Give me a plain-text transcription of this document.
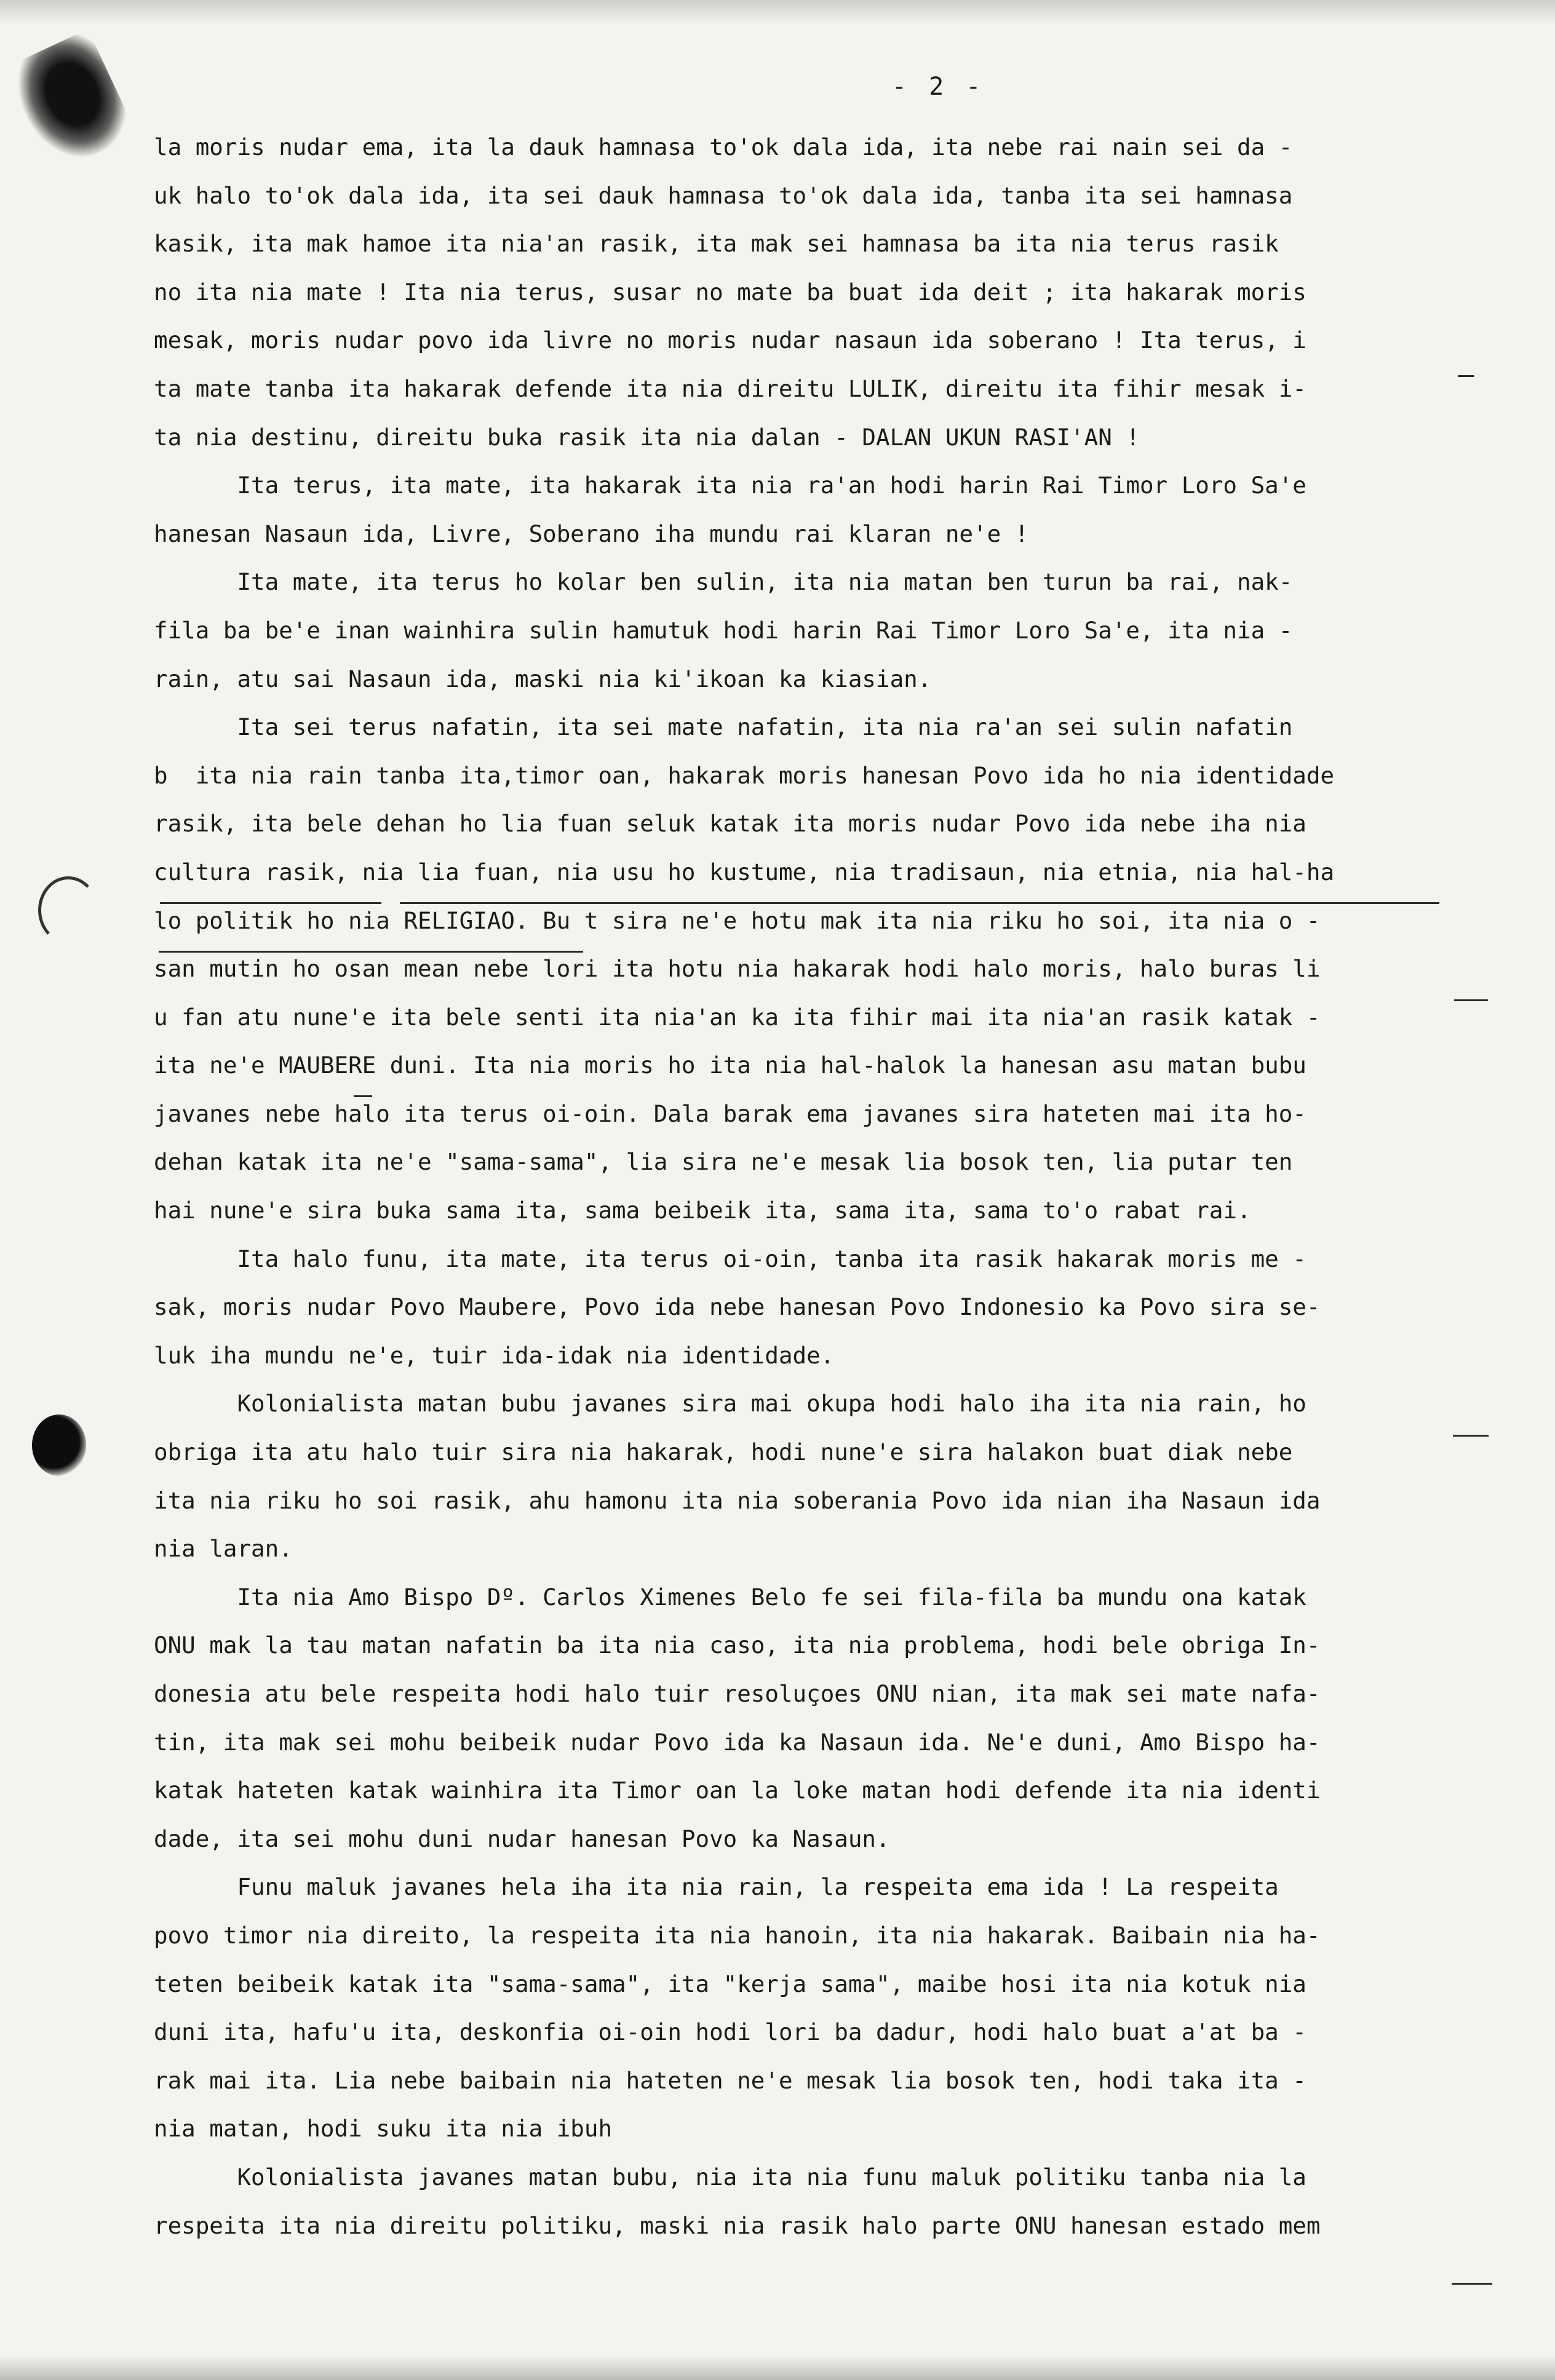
- 2 -
la moris nudar ema, ita la dauk hamnasa to'ok dala ida, ita nebe rai nain sei da -
uk halo to'ok dala ida, ita sei dauk hamnasa to'ok dala ida, tanba ita sei hamnasa
kasik, ita mak hamoe ita nia'an rasik, ita mak sei hamnasa ba ita nia terus rasik
no ita nia mate ! Ita nia terus, susar no mate ba buat ida deit ; ita hakarak moris
mesak, moris nudar povo ida livre no moris nudar nasaun ida soberano ! Ita terus, i
ta mate tanba ita hakarak defende ita nia direitu LULIK, direitu ita fihir mesak i-
ta nia destinu, direitu buka rasik ita nia dalan - DALAN UKUN RASI'AN !
Ita terus, ita mate, ita hakarak ita nia ra'an hodi harin Rai Timor Loro Sa'e
hanesan Nasaun ida, Livre, Soberano iha mundu rai klaran ne'e !
Ita mate, ita terus ho kolar ben sulin, ita nia matan ben turun ba rai, nak-
fila ba be'e inan wainhira sulin hamutuk hodi harin Rai Timor Loro Sa'e, ita nia -
rain, atu sai Nasaun ida, maski nia ki'ikoan ka kiasian.
Ita sei terus nafatin, ita sei mate nafatin, ita nia ra'an sei sulin nafatin
b  ita nia rain tanba ita,timor oan, hakarak moris hanesan Povo ida ho nia identidade
rasik, ita bele dehan ho lia fuan seluk katak ita moris nudar Povo ida nebe iha nia
cultura rasik, nia lia fuan, nia usu ho kustume, nia tradisaun, nia etnia, nia hal-ha
lo politik ho nia RELIGIAO. Bu t sira ne'e hotu mak ita nia riku ho soi, ita nia o -
san mutin ho osan mean nebe lori ita hotu nia hakarak hodi halo moris, halo buras li
u fan atu nune'e ita bele senti ita nia'an ka ita fihir mai ita nia'an rasik katak -
ita ne'e MAUBERE duni. Ita nia moris ho ita nia hal-halok la hanesan asu matan bubu
javanes nebe halo ita terus oi-oin. Dala barak ema javanes sira hateten mai ita ho-
dehan katak ita ne'e "sama-sama", lia sira ne'e mesak lia bosok ten, lia putar ten
hai nune'e sira buka sama ita, sama beibeik ita, sama ita, sama to'o rabat rai.
Ita halo funu, ita mate, ita terus oi-oin, tanba ita rasik hakarak moris me -
sak, moris nudar Povo Maubere, Povo ida nebe hanesan Povo Indonesio ka Povo sira se-
luk iha mundu ne'e, tuir ida-idak nia identidade.
Kolonialista matan bubu javanes sira mai okupa hodi halo iha ita nia rain, ho
obriga ita atu halo tuir sira nia hakarak, hodi nune'e sira halakon buat diak nebe
ita nia riku ho soi rasik, ahu hamonu ita nia soberania Povo ida nian iha Nasaun ida
nia laran.
Ita nia Amo Bispo Dº. Carlos Ximenes Belo fe sei fila-fila ba mundu ona katak
ONU mak la tau matan nafatin ba ita nia caso, ita nia problema, hodi bele obriga In-
donesia atu bele respeita hodi halo tuir resoluçoes ONU nian, ita mak sei mate nafa-
tin, ita mak sei mohu beibeik nudar Povo ida ka Nasaun ida. Ne'e duni, Amo Bispo ha-
katak hateten katak wainhira ita Timor oan la loke matan hodi defende ita nia identi
dade, ita sei mohu duni nudar hanesan Povo ka Nasaun.
Funu maluk javanes hela iha ita nia rain, la respeita ema ida ! La respeita
povo timor nia direito, la respeita ita nia hanoin, ita nia hakarak. Baibain nia ha-
teten beibeik katak ita "sama-sama", ita "kerja sama", maibe hosi ita nia kotuk nia
duni ita, hafu'u ita, deskonfia oi-oin hodi lori ba dadur, hodi halo buat a'at ba -
rak mai ita. Lia nebe baibain nia hateten ne'e mesak lia bosok ten, hodi taka ita -
nia matan, hodi suku ita nia ibuh
Kolonialista javanes matan bubu, nia ita nia funu maluk politiku tanba nia la
respeita ita nia direitu politiku, maski nia rasik halo parte ONU hanesan estado mem
